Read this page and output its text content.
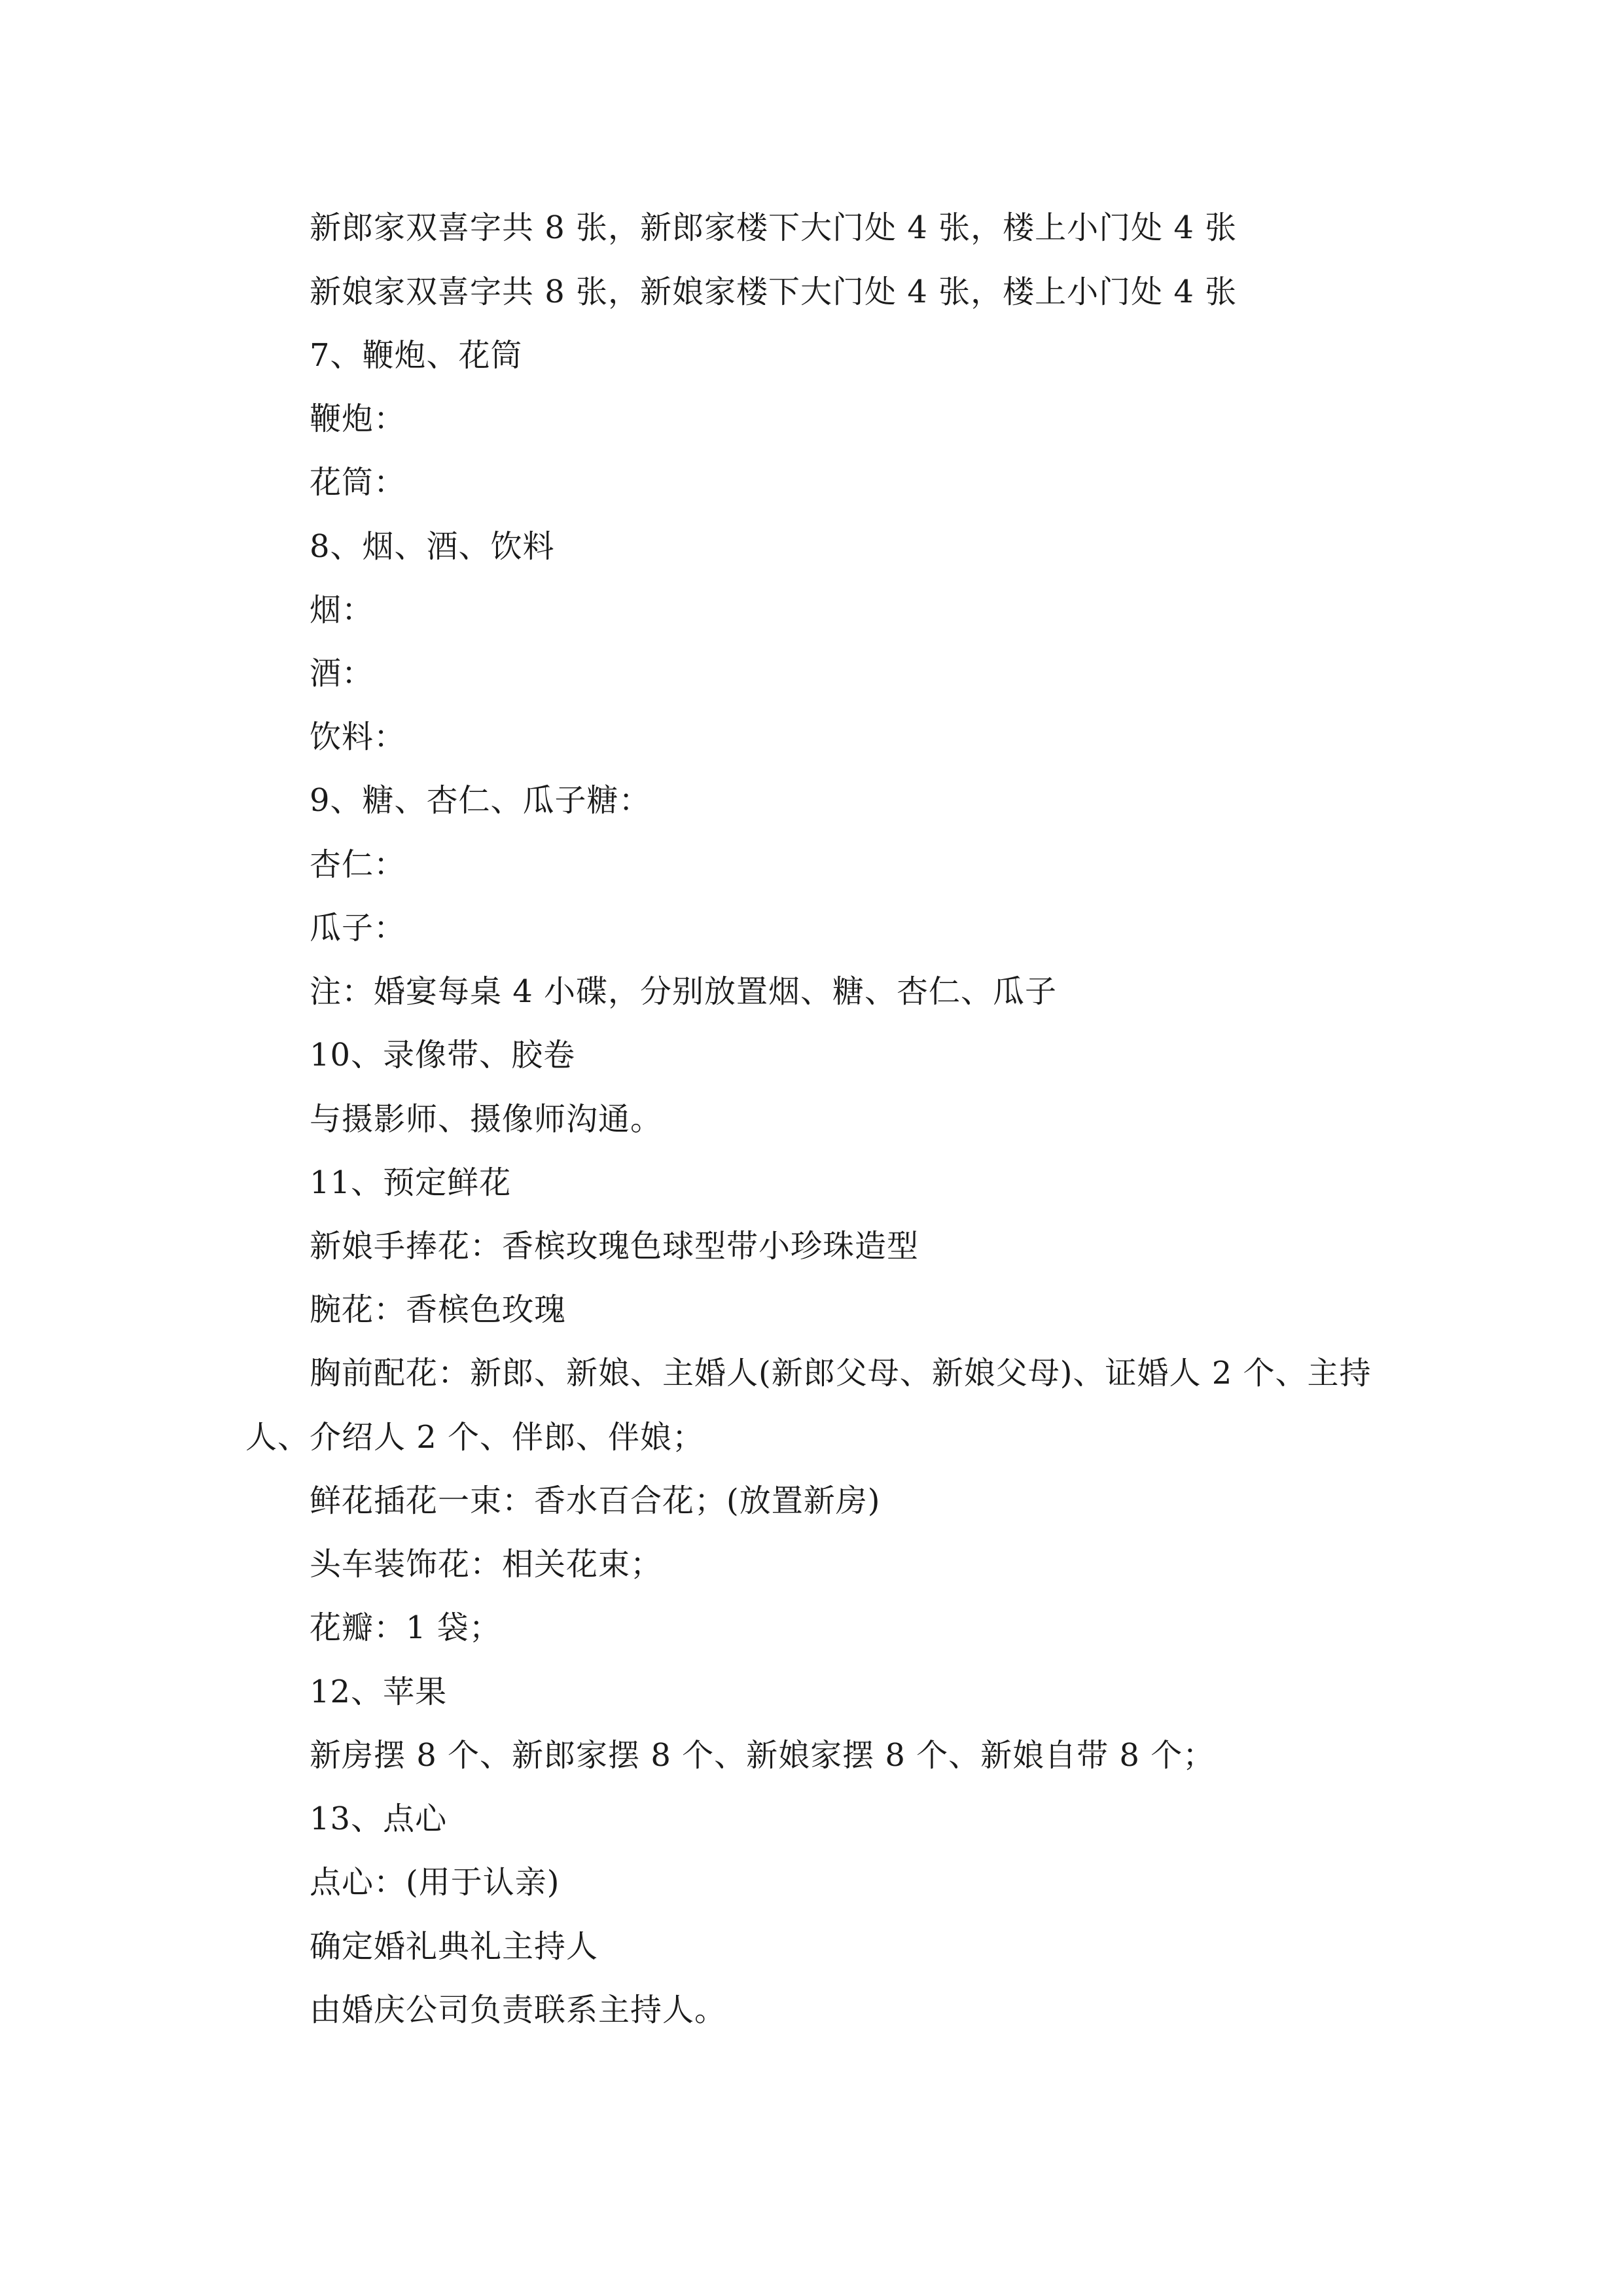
新郎家双喜字共 8 张，新郎家楼下大门处 4 张，楼上小门处 4 张
新娘家双喜字共 8 张，新娘家楼下大门处 4 张，楼上小门处 4 张
7、鞭炮、花筒
鞭炮：
花筒：
8、烟、酒、饮料
烟：
酒：
饮料：
9、糖、杏仁、瓜子糖：
杏仁：
瓜子：
注：婚宴每桌 4 小碟，分别放置烟、糖、杏仁、瓜子
10、录像带、胶卷
与摄影师、摄像师沟通。
11、预定鲜花
新娘手捧花：香槟玫瑰色球型带小珍珠造型
腕花：香槟色玫瑰
胸前配花：新郎、新娘、主婚人(新郎父母、新娘父母)、证婚人 2 个、主持
人、介绍人 2 个、伴郎、伴娘；
鲜花插花一束：香水百合花；(放置新房)
头车装饰花：相关花束；
花瓣：1 袋；
12、苹果
新房摆 8 个、新郎家摆 8 个、新娘家摆 8 个、新娘自带 8 个；
13、点心
点心：(用于认亲)
确定婚礼典礼主持人
由婚庆公司负责联系主持人。
